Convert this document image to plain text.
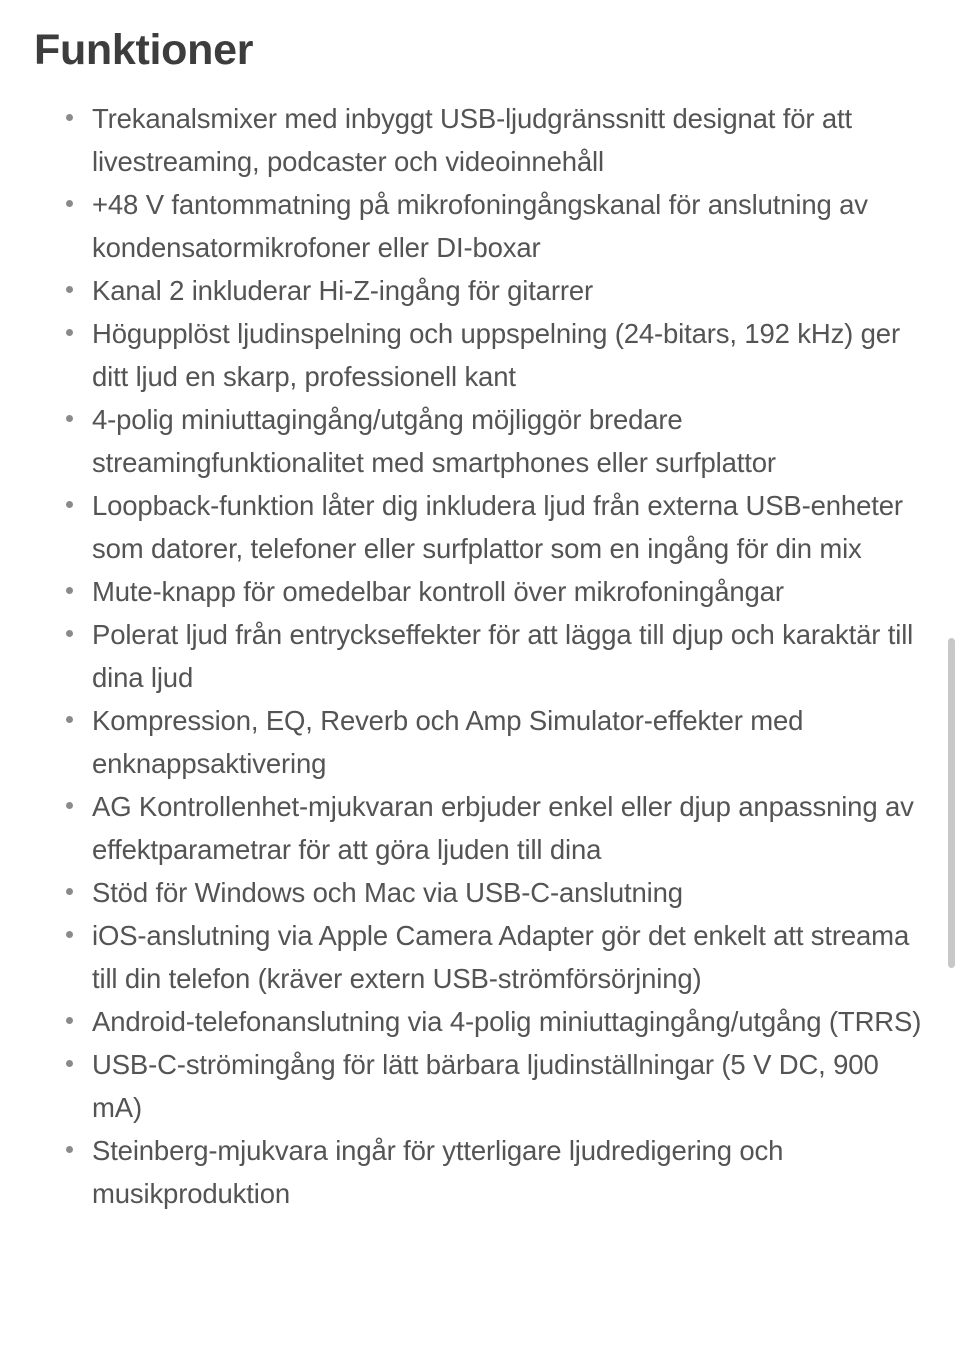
Funktioner
Trekanalsmixer med inbyggt USB-ljudgränssnitt designat för att livestreaming, podcaster och videoinnehåll
+48 V fantommatning på mikrofoningångskanal för anslutning av kondensatormikrofoner eller DI-boxar
Kanal 2 inkluderar Hi-Z-ingång för gitarrer
Högupplöst ljudinspelning och uppspelning (24-bitars, 192 kHz) ger ditt ljud en skarp, professionell kant
4-polig miniuttagingång/utgång möjliggör bredare streamingfunktionalitet med smartphones eller surfplattor
Loopback-funktion låter dig inkludera ljud från externa USB-enheter som datorer, telefoner eller surfplattor som en ingång för din mix
Mute-knapp för omedelbar kontroll över mikrofoningångar
Polerat ljud från entryckseffekter för att lägga till djup och karaktär till dina ljud
Kompression, EQ, Reverb och Amp Simulator-effekter med enknappsaktivering
AG Kontrollenhet-mjukvaran erbjuder enkel eller djup anpassning av effektparametrar för att göra ljuden till dina
Stöd för Windows och Mac via USB-C-anslutning
iOS-anslutning via Apple Camera Adapter gör det enkelt att streama till din telefon (kräver extern USB-strömförsörjning)
Android-telefonanslutning via 4-polig miniuttagingång/utgång (TRRS)
USB-C-strömingång för lätt bärbara ljudinställningar (5 V DC, 900 mA)
Steinberg-mjukvara ingår för ytterligare ljudredigering och musikproduktion
